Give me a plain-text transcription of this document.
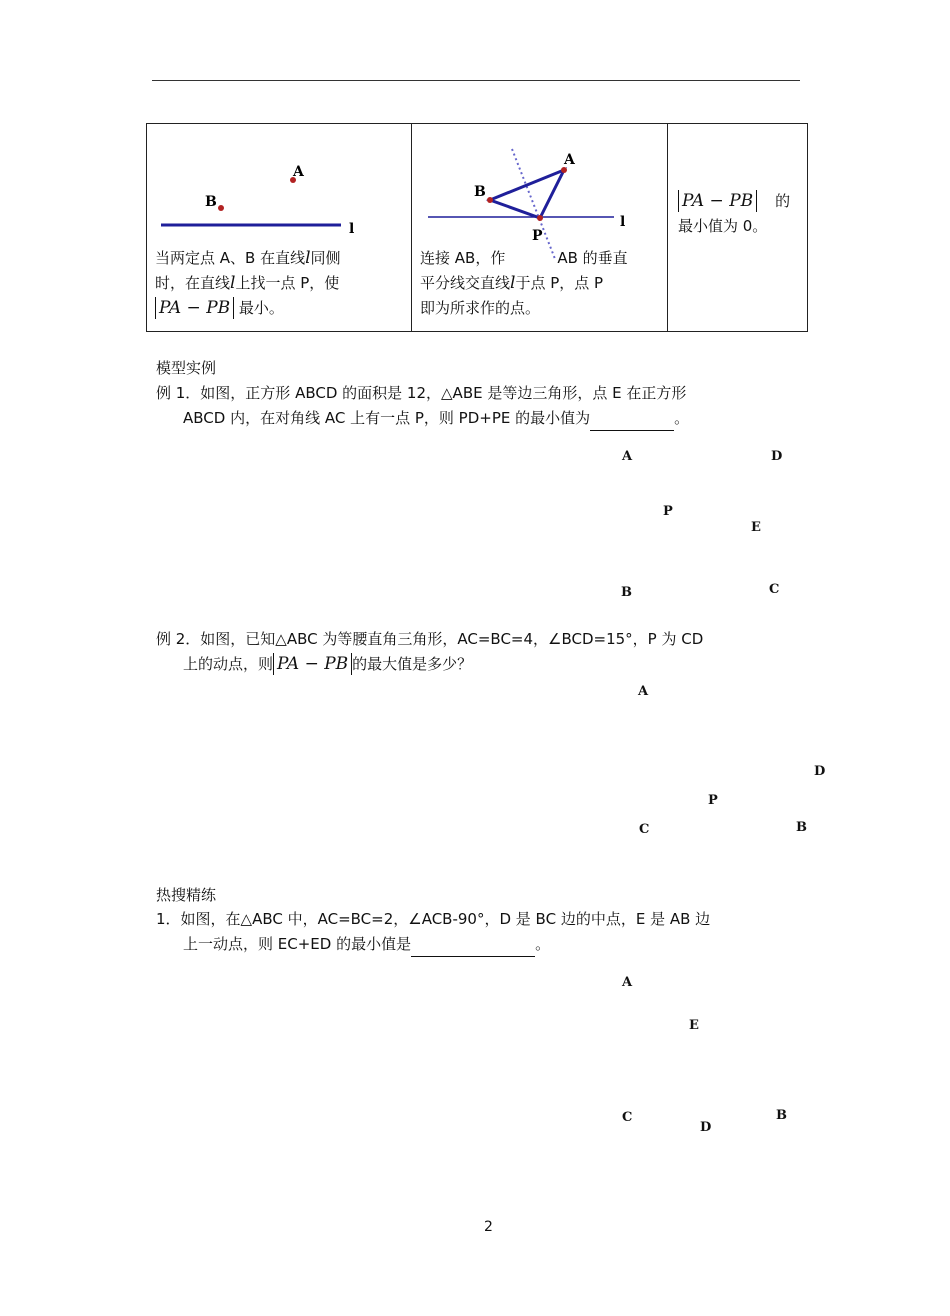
A
B
l
当两定点 A、B 在直线l同侧
时，在直线l上找一点 P，使
PA − PB 最小。

A
B
P
l
连接 AB，作	AB 的垂直
平分线交直线l于点 P，点 P
即为所求作的点。

PA − PB 的
最小值为 0。
模型实例
例 1．如图，正方形 ABCD 的面积是 12，△ABE 是等边三角形，点 E 在正方形
ABCD 内，在对角线 AC 上有一点 P，则 PD+PE 的最小值为	。
A	D
P
E
B	C
例 2．如图，已知△ABC 为等腰直角三角形，AC=BC=4，∠BCD=15°，P 为 CD
上的动点，则 PA − PB 的最大值是多少？
A
D
P
C	B
热搜精练
1．如图，在△ABC 中，AC=BC=2，∠ACB-90°，D 是 BC 边的中点，E 是 AB 边
上一动点，则 EC+ED 的最小值是	。
A
E
C	B
D
2
